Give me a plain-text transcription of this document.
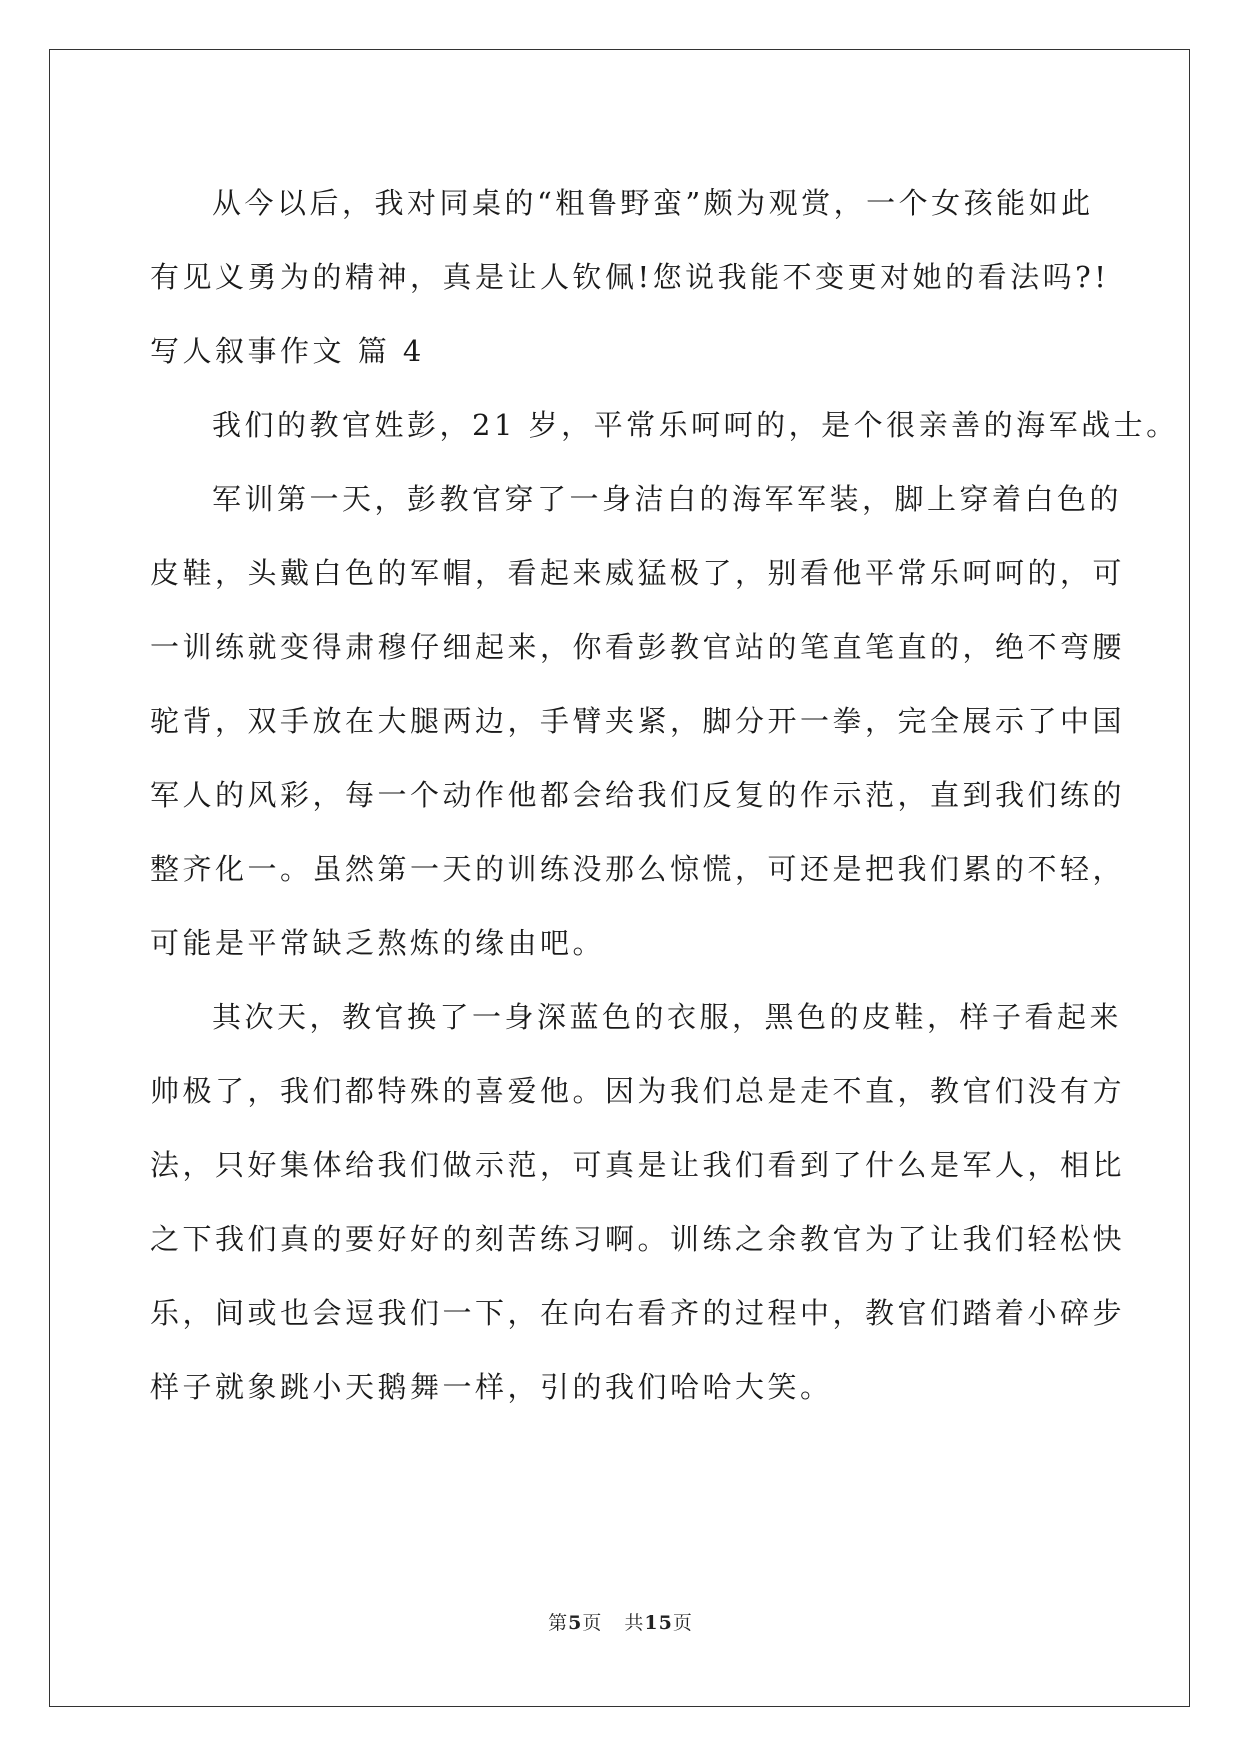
从今以后，我对同桌的“粗鲁野蛮”颇为观赏，一个女孩能如此
有见义勇为的精神，真是让人钦佩!您说我能不变更对她的看法吗?!
写人叙事作文 篇 4
我们的教官姓彭，21 岁，平常乐呵呵的，是个很亲善的海军战士。
军训第一天，彭教官穿了一身洁白的海军军装，脚上穿着白色的
皮鞋，头戴白色的军帽，看起来威猛极了，别看他平常乐呵呵的，可
一训练就变得肃穆仔细起来，你看彭教官站的笔直笔直的，绝不弯腰
驼背，双手放在大腿两边，手臂夹紧，脚分开一拳，完全展示了中国
军人的风彩，每一个动作他都会给我们反复的作示范，直到我们练的
整齐化一。虽然第一天的训练没那么惊慌，可还是把我们累的不轻，
可能是平常缺乏熬炼的缘由吧。
其次天，教官换了一身深蓝色的衣服，黑色的皮鞋，样子看起来
帅极了，我们都特殊的喜爱他。因为我们总是走不直，教官们没有方
法，只好集体给我们做示范，可真是让我们看到了什么是军人，相比
之下我们真的要好好的刻苦练习啊。训练之余教官为了让我们轻松快
乐，间或也会逗我们一下，在向右看齐的过程中，教官们踏着小碎步
样子就象跳小天鹅舞一样，引的我们哈哈大笑。
第5页 共15页
